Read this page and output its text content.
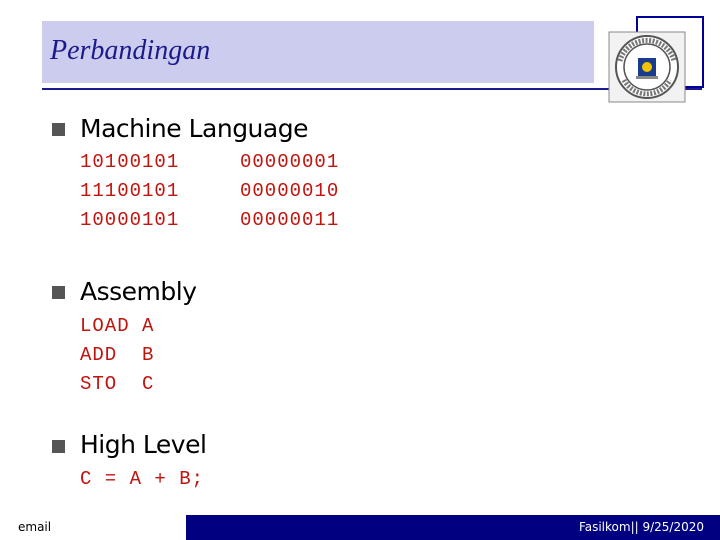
Perbandingan
Machine Language
10100101
11100101
10000101
00000001
00000010
00000011
Assembly
LOAD A
ADD  B
STO  C
High Level
C = A + B;
email	Fasilkom|| 9/25/2020
